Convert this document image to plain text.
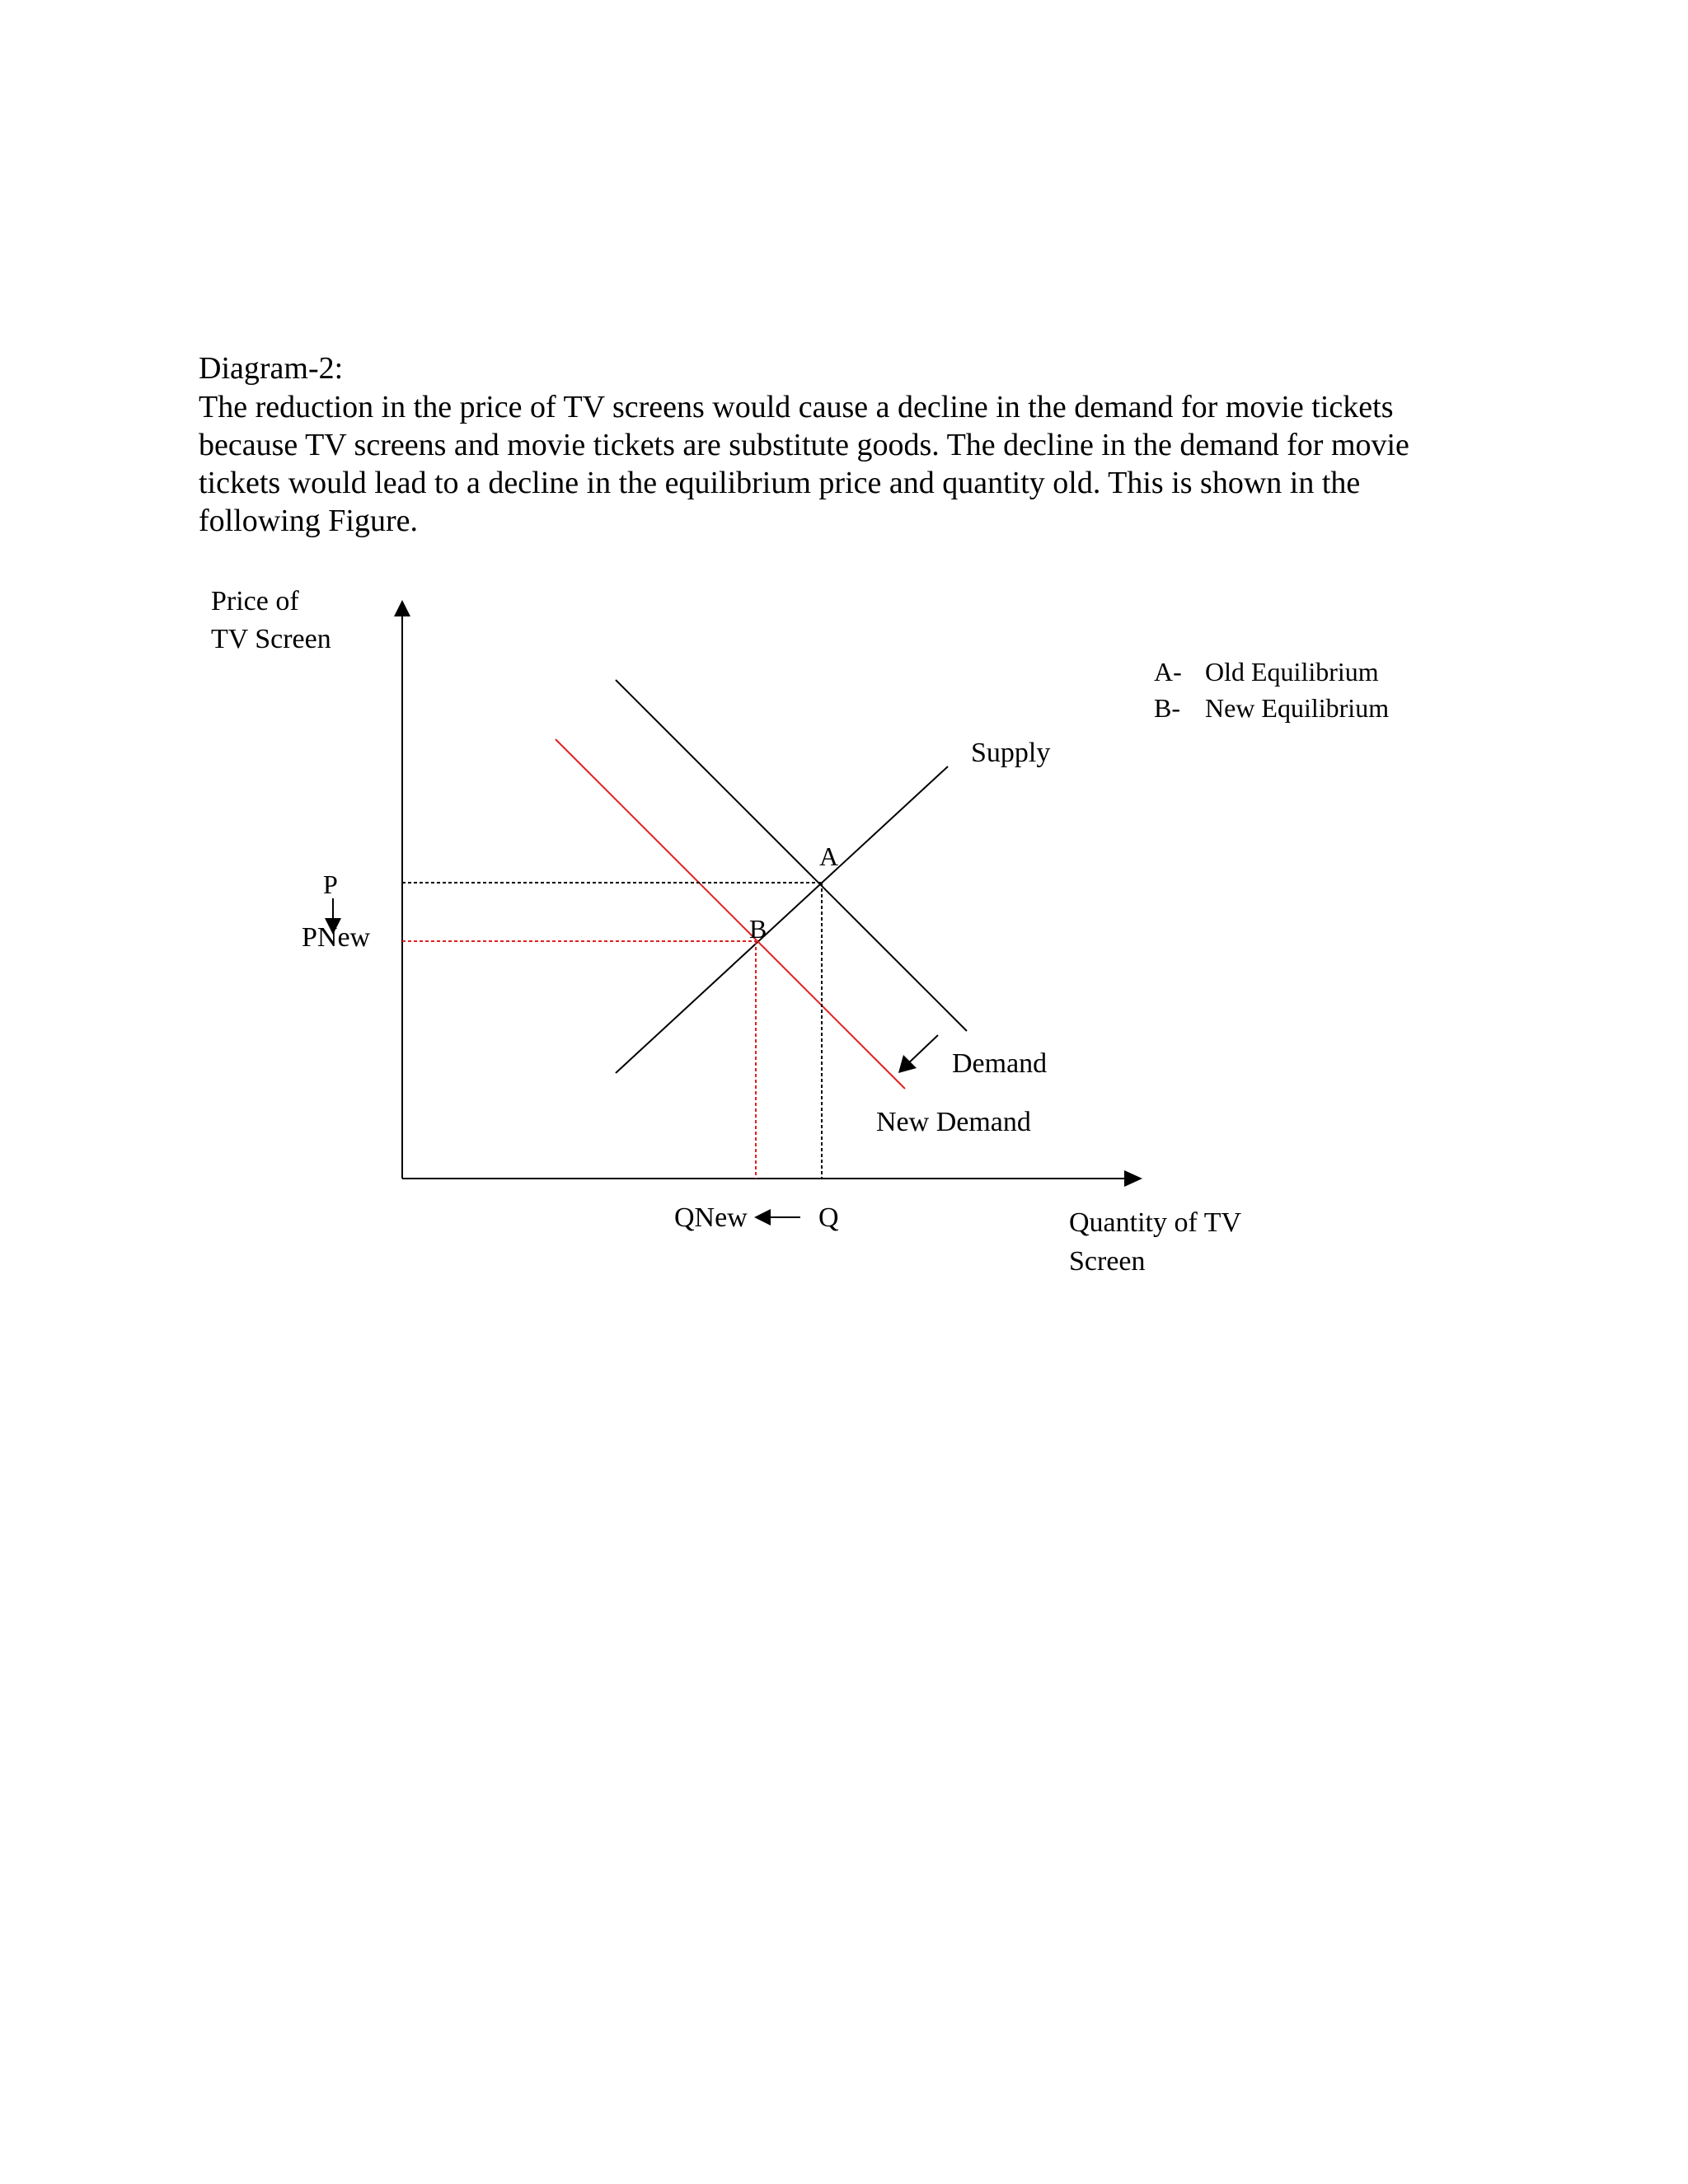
Diagram-2:

The reduction in the price of TV screens would cause a decline in the demand for movie tickets
because TV screens and movie tickets are substitute goods. The decline in the demand for movie
tickets would lead to a decline in the equilibrium price and quantity old. This is shown in the
following Figure.

Price of
TV Screen
Supply
Demand
New Demand
A
B
P
PNew
QNew	Q	Quantity of TV
Screen
A- Old Equilibrium
B- New Equilibrium
